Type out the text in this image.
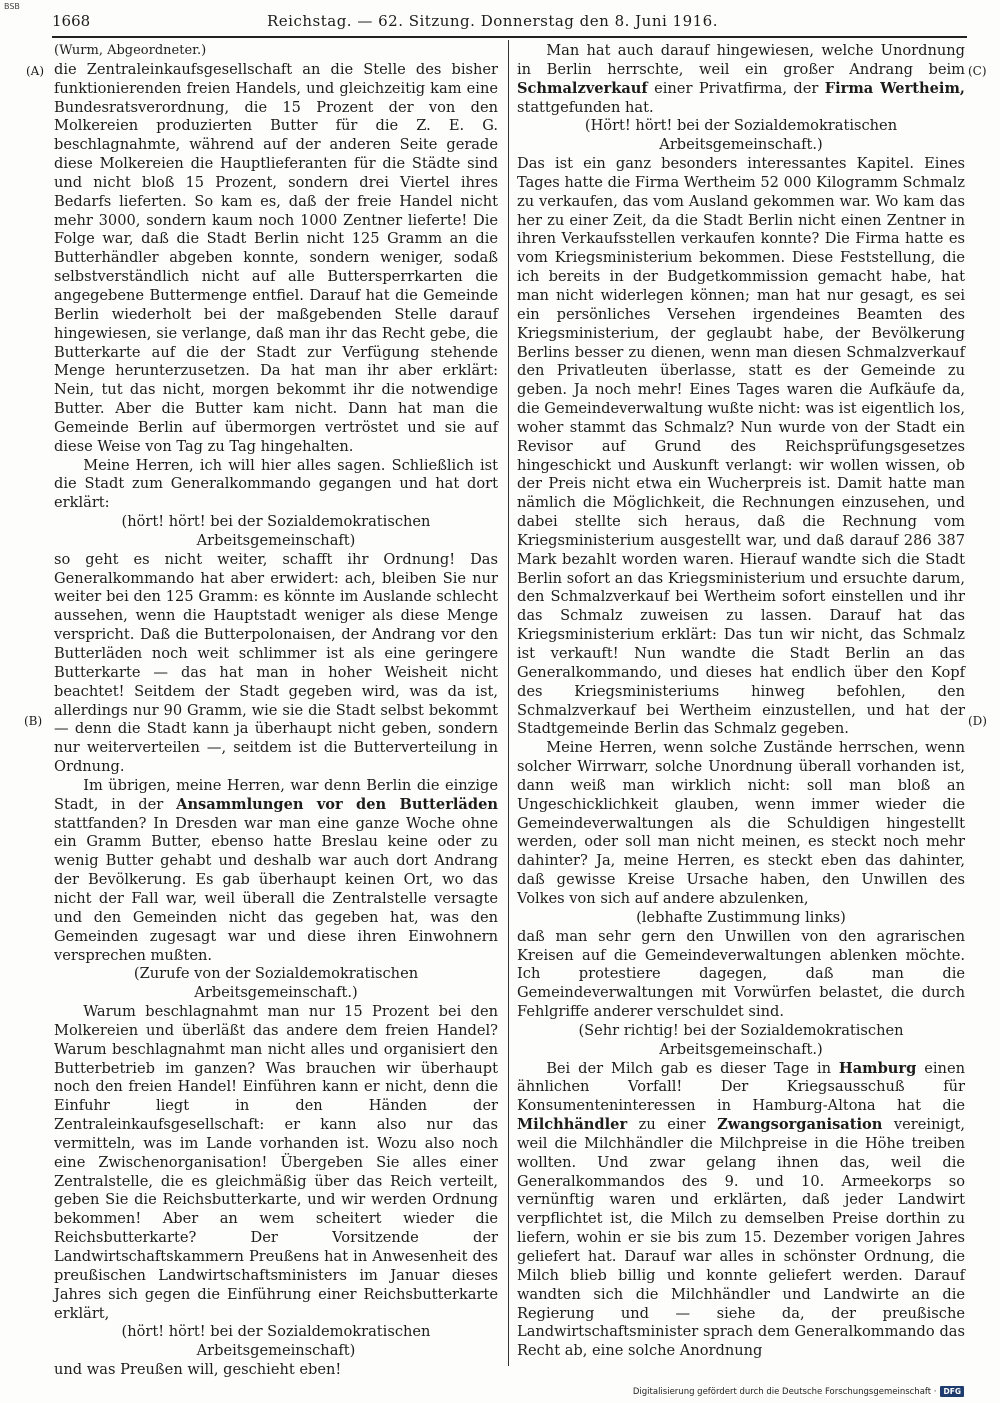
BSB
1668	Reichstag. — 62. Sitzung. Donnerstag den 8. Juni 1916.
(A)
(B)
(C)
(D)

(Wurm, Abgeordneter.)

die Zentraleinkaufsgesellschaft an die Stelle des bisher funktionierenden freien Handels, und gleichzeitig kam eine Bundesratsverordnung, die 15 Prozent der von den Molkereien produzierten Butter für die Z. E. G. beschlagnahmte, während auf der anderen Seite gerade diese Molkereien die Hauptlieferanten für die Städte sind und nicht bloß 15 Prozent, sondern drei Viertel ihres Bedarfs lieferten. So kam es, daß der freie Handel nicht mehr 3000, sondern kaum noch 1000 Zentner lieferte! Die Folge war, daß die Stadt Berlin nicht 125 Gramm an die Butterhändler abgeben konnte, sondern weniger, sodaß selbstverständlich nicht auf alle Buttersperrkarten die angegebene Buttermenge entfiel. Darauf hat die Gemeinde Berlin wiederholt bei der maßgebenden Stelle darauf hingewiesen, sie verlange, daß man ihr das Recht gebe, die Butterkarte auf die der Stadt zur Verfügung stehende Menge herunterzusetzen. Da hat man ihr aber erklärt: Nein, tut das nicht, morgen bekommt ihr die notwendige Butter. Aber die Butter kam nicht. Dann hat man die Gemeinde Berlin auf übermorgen vertröstet und sie auf diese Weise von Tag zu Tag hingehalten.

Meine Herren, ich will hier alles sagen. Schließlich ist die Stadt zum Generalkommando gegangen und hat dort erklärt:

(hört! hört! bei der Sozialdemokratischen Arbeitsgemeinschaft)

so geht es nicht weiter, schafft ihr Ordnung! Das Generalkommando hat aber erwidert: ach, bleiben Sie nur weiter bei den 125 Gramm: es könnte im Auslande schlecht aussehen, wenn die Hauptstadt weniger als diese Menge verspricht. Daß die Butterpolonaisen, der Andrang vor den Butterläden noch weit schlimmer ist als eine geringere Butterkarte — das hat man in hoher Weisheit nicht beachtet! Seitdem der Stadt gegeben wird, was da ist, allerdings nur 90 Gramm, wie sie die Stadt selbst bekommt — denn die Stadt kann ja überhaupt nicht geben, sondern nur weiterverteilen —, seitdem ist die Butterverteilung in Ordnung.

Im übrigen, meine Herren, war denn Berlin die einzige Stadt, in der Ansammlungen vor den Butterläden stattfanden? In Dresden war man eine ganze Woche ohne ein Gramm Butter, ebenso hatte Breslau keine oder zu wenig Butter gehabt und deshalb war auch dort Andrang der Bevölkerung. Es gab überhaupt keinen Ort, wo das nicht der Fall war, weil überall die Zentralstelle versagte und den Gemeinden nicht das gegeben hat, was den Gemeinden zugesagt war und diese ihren Einwohnern versprechen mußten.

(Zurufe von der Sozialdemokratischen Arbeitsgemeinschaft.)

Warum beschlagnahmt man nur 15 Prozent bei den Molkereien und überläßt das andere dem freien Handel? Warum beschlagnahmt man nicht alles und organisiert den Butterbetrieb im ganzen? Was brauchen wir überhaupt noch den freien Handel! Einführen kann er nicht, denn die Einfuhr liegt in den Händen der Zentraleinkaufsgesellschaft: er kann also nur das vermitteln, was im Lande vorhanden ist. Wozu also noch eine Zwischenorganisation! Übergeben Sie alles einer Zentralstelle, die es gleichmäßig über das Reich verteilt, geben Sie die Reichsbutterkarte, und wir werden Ordnung bekommen! Aber an wem scheitert wieder die Reichsbutterkarte? Der Vorsitzende der Landwirtschaftskammern Preußens hat in Anwesenheit des preußischen Landwirtschaftsministers im Januar dieses Jahres sich gegen die Einführung einer Reichsbutterkarte erklärt,

(hört! hört! bei der Sozialdemokratischen Arbeitsgemeinschaft)

und was Preußen will, geschieht eben!

Man hat auch darauf hingewiesen, welche Unordnung in Berlin herrschte, weil ein großer Andrang beim Schmalzverkauf einer Privatfirma, der Firma Wertheim, stattgefunden hat.

(Hört! hört! bei der Sozialdemokratischen Arbeitsgemeinschaft.)

Das ist ein ganz besonders interessantes Kapitel. Eines Tages hatte die Firma Wertheim 52 000 Kilogramm Schmalz zu verkaufen, das vom Ausland gekommen war. Wo kam das her zu einer Zeit, da die Stadt Berlin nicht einen Zentner in ihren Verkaufsstellen verkaufen konnte? Die Firma hatte es vom Kriegsministerium bekommen. Diese Feststellung, die ich bereits in der Budgetkommission gemacht habe, hat man nicht widerlegen können; man hat nur gesagt, es sei ein persönliches Versehen irgendeines Beamten des Kriegsministerium, der geglaubt habe, der Bevölkerung Berlins besser zu dienen, wenn man diesen Schmalzverkauf den Privatleuten überlasse, statt es der Gemeinde zu geben. Ja noch mehr! Eines Tages waren die Aufkäufe da, die Gemeindeverwaltung wußte nicht: was ist eigentlich los, woher stammt das Schmalz? Nun wurde von der Stadt ein Revisor auf Grund des Reichsprüfungsgesetzes hingeschickt und Auskunft verlangt: wir wollen wissen, ob der Preis nicht etwa ein Wucherpreis ist. Damit hatte man nämlich die Möglichkeit, die Rechnungen einzusehen, und dabei stellte sich heraus, daß die Rechnung vom Kriegsministerium ausgestellt war, und daß darauf 286 387 Mark bezahlt worden waren. Hierauf wandte sich die Stadt Berlin sofort an das Kriegsministerium und ersuchte darum, den Schmalzverkauf bei Wertheim sofort einstellen und ihr das Schmalz zuweisen zu lassen. Darauf hat das Kriegsministerium erklärt: Das tun wir nicht, das Schmalz ist verkauft! Nun wandte die Stadt Berlin an das Generalkommando, und dieses hat endlich über den Kopf des Kriegsministeriums hinweg befohlen, den Schmalzverkauf bei Wertheim einzustellen, und hat der Stadtgemeinde Berlin das Schmalz gegeben.

Meine Herren, wenn solche Zustände herrschen, wenn solcher Wirrwarr, solche Unordnung überall vorhanden ist, dann weiß man wirklich nicht: soll man bloß an Ungeschicklichkeit glauben, wenn immer wieder die Gemeindeverwaltungen als die Schuldigen hingestellt werden, oder soll man nicht meinen, es steckt noch mehr dahinter? Ja, meine Herren, es steckt eben das dahinter, daß gewisse Kreise Ursache haben, den Unwillen des Volkes von sich auf andere abzulenken,

(lebhafte Zustimmung links)

daß man sehr gern den Unwillen von den agrarischen Kreisen auf die Gemeindeverwaltungen ablenken möchte. Ich protestiere dagegen, daß man die Gemeindeverwaltungen mit Vorwürfen belastet, die durch Fehlgriffe anderer verschuldet sind.

(Sehr richtig! bei der Sozialdemokratischen Arbeitsgemeinschaft.)

Bei der Milch gab es dieser Tage in Hamburg einen ähnlichen Vorfall! Der Kriegsausschuß für Konsumenteninteressen in Hamburg-Altona hat die Milchhändler zu einer Zwangsorganisation vereinigt, weil die Milchhändler die Milchpreise in die Höhe treiben wollten. Und zwar gelang ihnen das, weil die Generalkommandos des 9. und 10. Armeekorps so vernünftig waren und erklärten, daß jeder Landwirt verpflichtet ist, die Milch zu demselben Preise dorthin zu liefern, wohin er sie bis zum 15. Dezember vorigen Jahres geliefert hat. Darauf war alles in schönster Ordnung, die Milch blieb billig und konnte geliefert werden. Darauf wandten sich die Milchhändler und Landwirte an die Regierung und — siehe da, der preußische Landwirtschaftsminister sprach dem Generalkommando das Recht ab, eine solche Anordnung

Digitalisierung gefördert durch die Deutsche Forschungsgemeinschaft · DFG
